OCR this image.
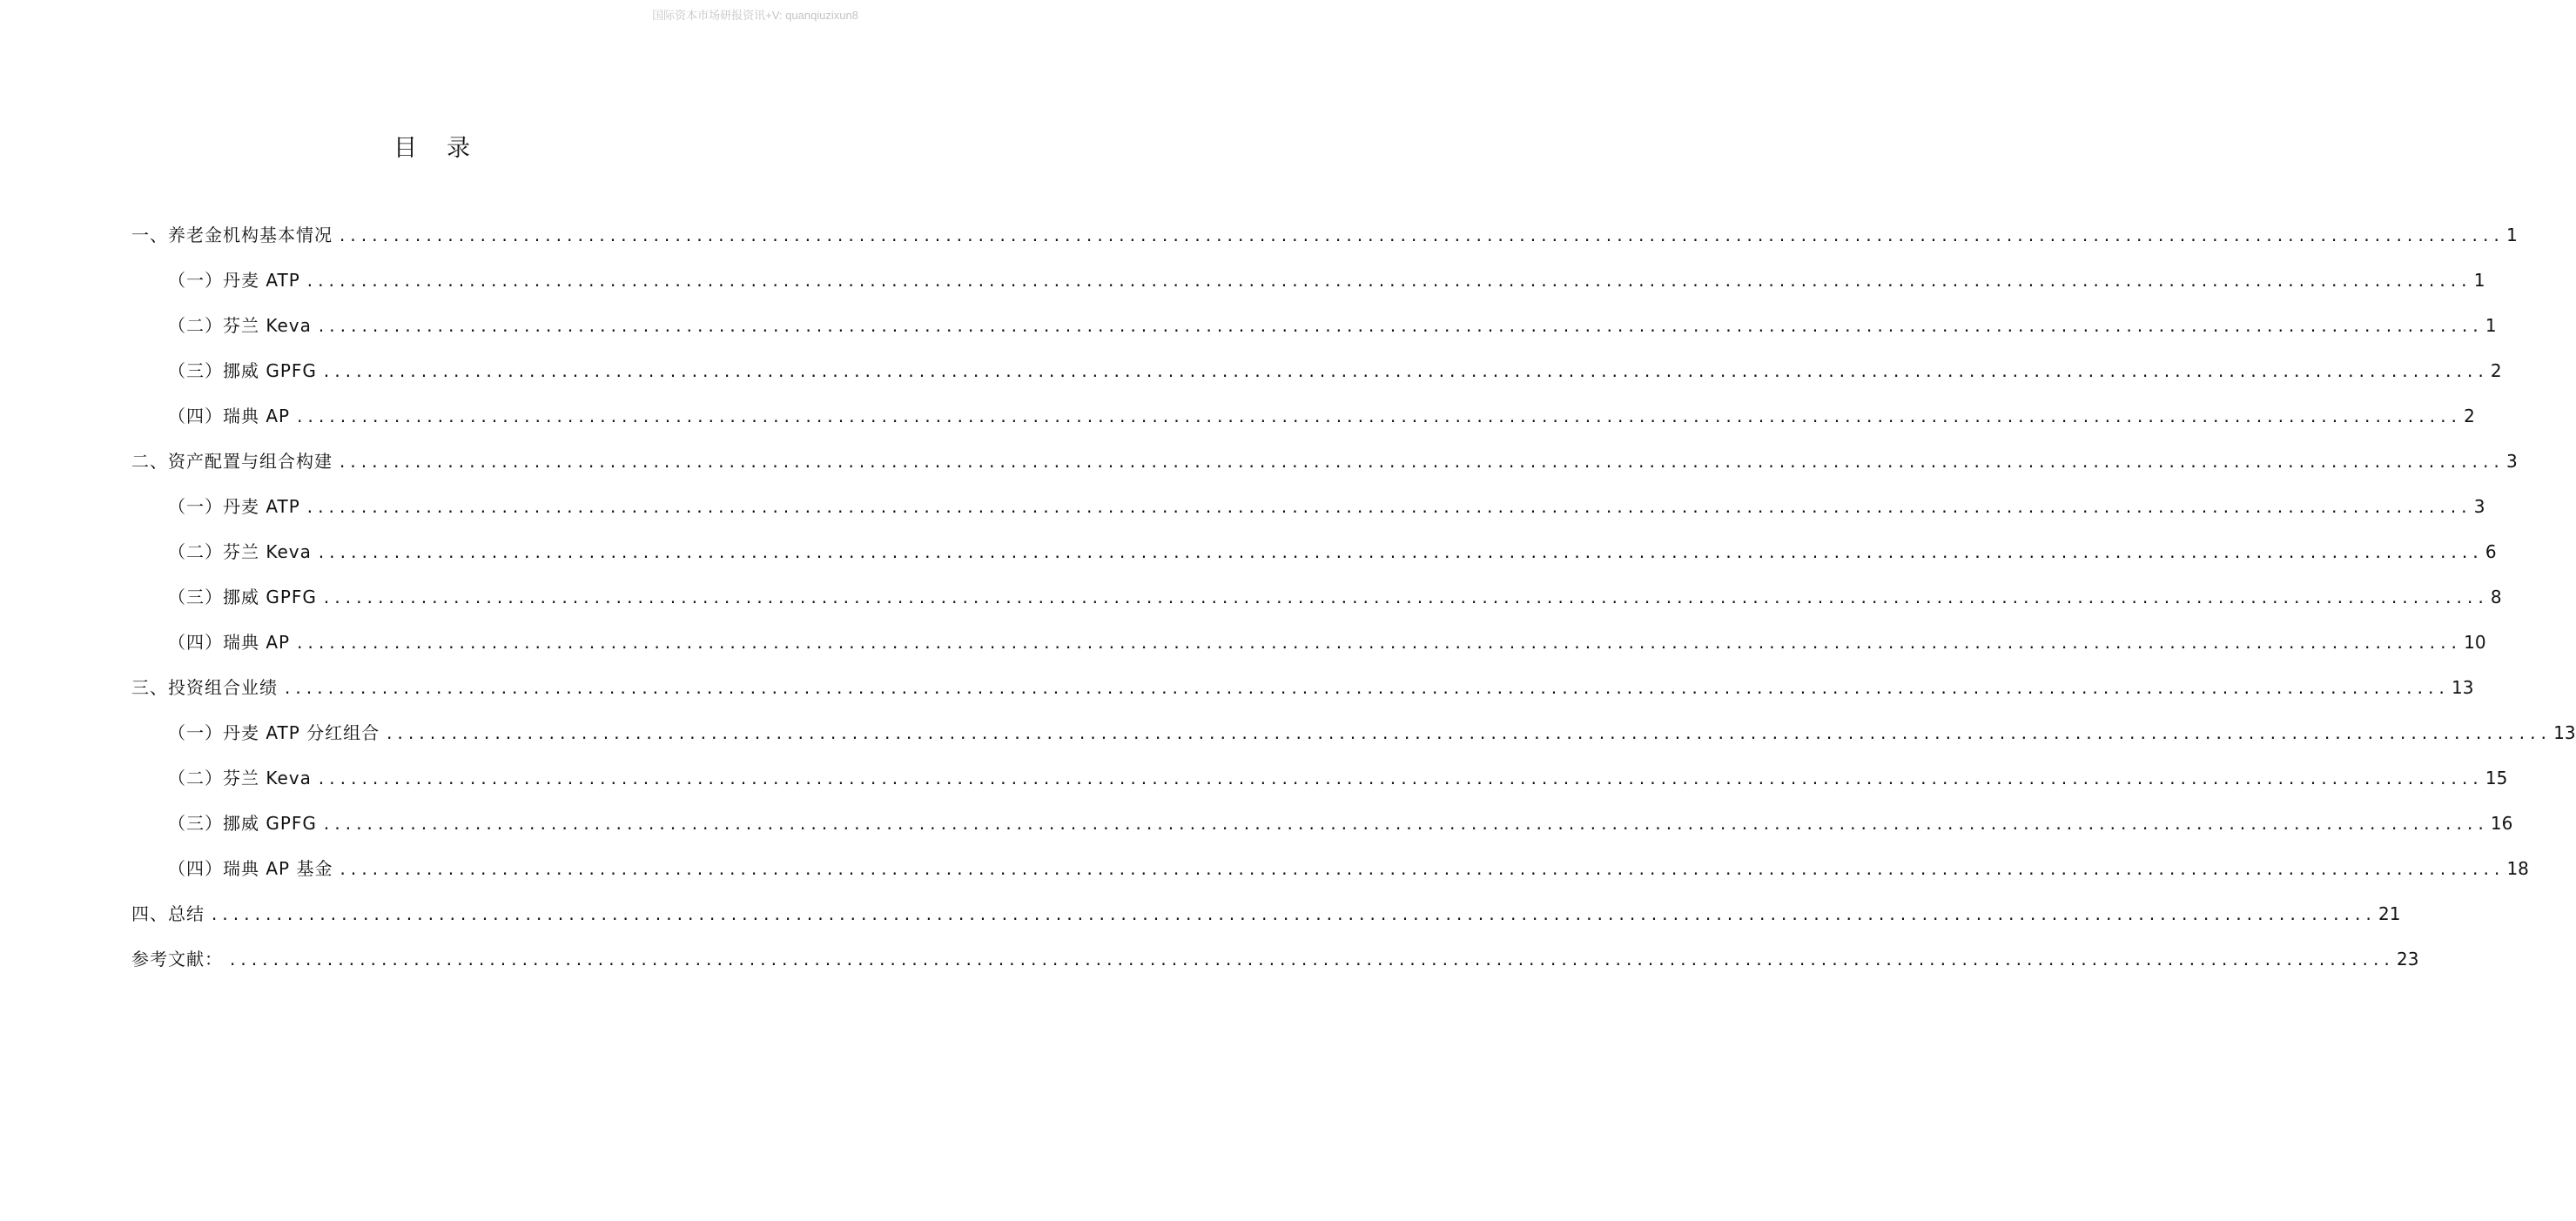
国际资本市场研报资讯+V: quanqiuzixun8
目录
一、养老金机构基本情况 ........................................................................................................................................................................................................ 1
（一）丹麦 ATP ........................................................................................................................................................................................................ 1
（二）芬兰 Keva ........................................................................................................................................................................................................ 1
（三）挪威 GPFG ........................................................................................................................................................................................................ 2
（四）瑞典 AP ........................................................................................................................................................................................................ 2
二、资产配置与组合构建 ........................................................................................................................................................................................................ 3
（一）丹麦 ATP ........................................................................................................................................................................................................ 3
（二）芬兰 Keva ........................................................................................................................................................................................................ 6
（三）挪威 GPFG ........................................................................................................................................................................................................ 8
（四）瑞典 AP ........................................................................................................................................................................................................ 10
三、投资组合业绩 ........................................................................................................................................................................................................ 13
（一）丹麦 ATP 分红组合 ........................................................................................................................................................................................................ 13
（二）芬兰 Keva ........................................................................................................................................................................................................ 15
（三）挪威 GPFG ........................................................................................................................................................................................................ 16
（四）瑞典 AP 基金 ........................................................................................................................................................................................................ 18
四、总结 ........................................................................................................................................................................................................ 21
参考文献： ........................................................................................................................................................................................................ 23
